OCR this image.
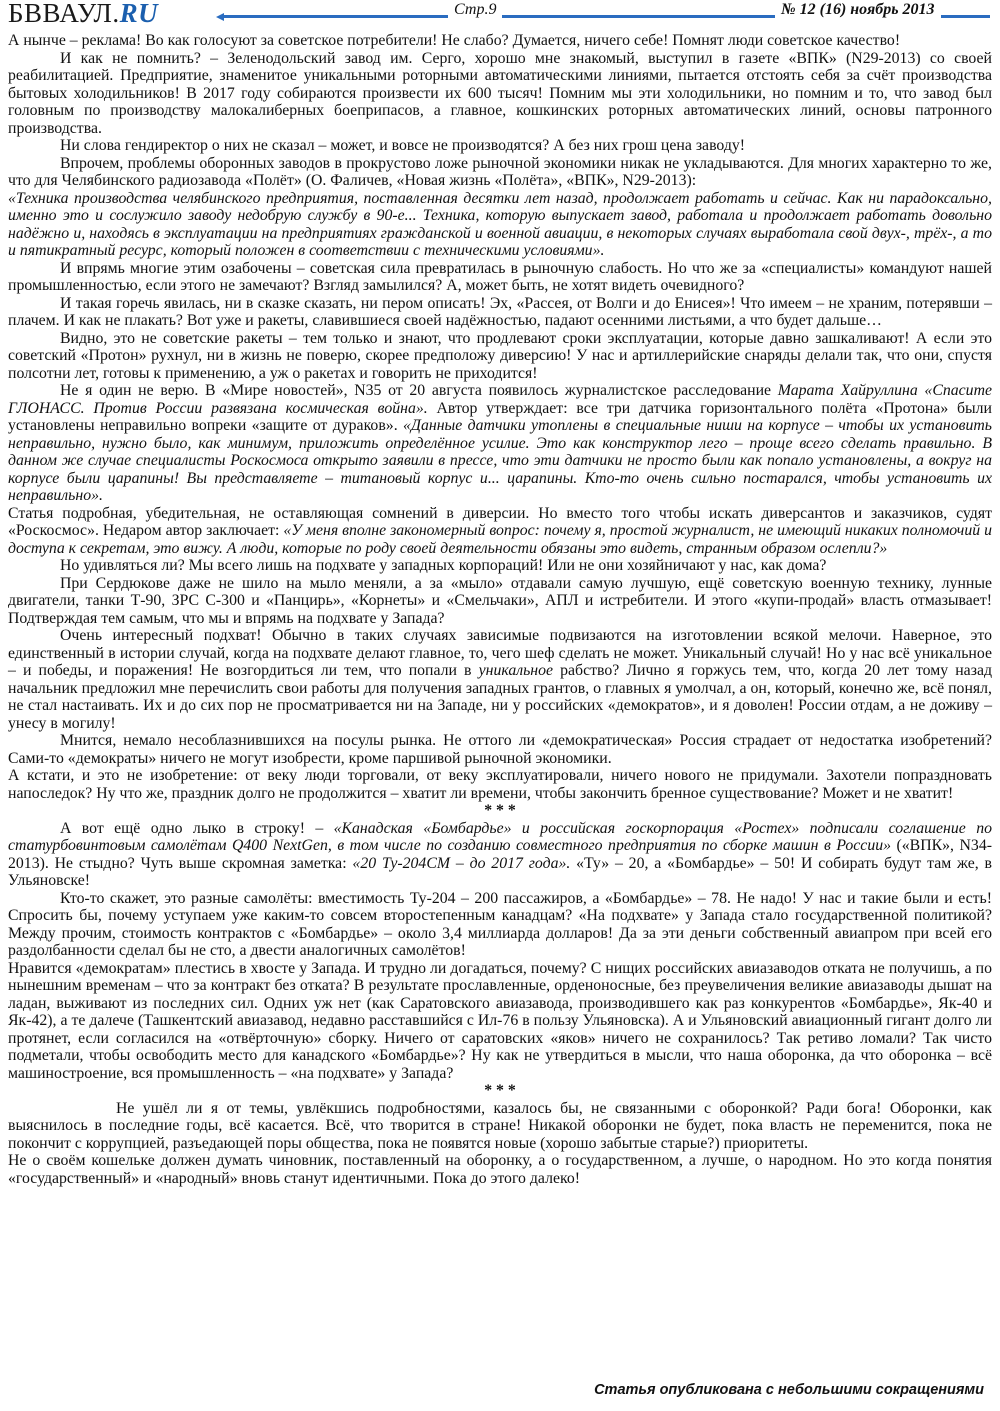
БВВАУЛ.RU	Стр.9	№ 12 (16) ноябрь 2013

А нынче – реклама! Во как голосуют за советское потребители! Не слабо? Думается, ничего себе! Помнят люди советское качество!

И как не помнить? – Зеленодольский завод им. Серго, хорошо мне знакомый, выступил в газете «ВПК» (N29-2013) со своей реабилитацией. Предприятие, знаменитое уникальными роторными автоматическими линиями, пытается отстоять себя за счёт производства бытовых холодильников! В 2017 году собираются произвести их 600 тысяч! Помним мы эти холодильники, но помним и то, что завод был головным по производству малокалиберных боеприпасов, а главное, кошкинских роторных автоматических линий, основы патронного производства.

Ни слова гендиректор о них не сказал – может, и вовсе не производятся? А без них грош цена заводу!

Впрочем, проблемы оборонных заводов в прокрустово ложе рыночной экономики никак не укладываются. Для многих характерно то же, что для Челябинского радиозавода «Полёт» (О. Фаличев, «Новая жизнь «Полёта», «ВПК», N29-2013):

«Техника производства челябинского предприятия, поставленная десятки лет назад, продолжает работать и сейчас. Как ни парадоксально, именно это и сослужило заводу недобрую службу в 90-е... Техника, которую выпускает завод, работала и продолжает работать довольно надёжно и, находясь в эксплуатации на предприятиях гражданской и военной авиации, в некоторых случаях выработала свой двух-, трёх-, а то и пятикратный ресурс, который положен в соответствии с техническими условиями».

И впрямь многие этим озабочены – советская сила превратилась в рыночную слабость. Но что же за «специалисты» командуют нашей промышленностью, если этого не замечают? Взгляд замылился? А, может быть, не хотят видеть очевидного?

И такая горечь явилась, ни в сказке сказать, ни пером описать! Эх, «Рассея, от Волги и до Енисея»! Что имеем – не храним, потерявши – плачем. И как не плакать? Вот уже и ракеты, славившиеся своей надёжностью, падают осенними листьями, а что будет дальше…

Видно, это не советские ракеты – тем только и знают, что продлевают сроки эксплуатации, которые давно зашкаливают! А если это советский «Протон» рухнул, ни в жизнь не поверю, скорее предположу диверсию! У нас и артиллерийские снаряды делали так, что они, спустя полсотни лет, готовы к применению, а уж о ракетах и говорить не приходится!

Не я один не верю. В «Мире новостей», N35 от 20 августа появилось журналистское расследование Марата Хайруллина «Спасите ГЛОНАСС. Против России развязана космическая война». Автор утверждает: все три датчика горизонтального полёта «Протона» были установлены неправильно вопреки «защите от дураков». «Данные датчики утоплены в специальные ниши на корпусе – чтобы их установить неправильно, нужно было, как минимум, приложить определённое усилие. Это как конструктор лего – проще всего сделать правильно. В данном же случае специалисты Роскосмоса открыто заявили в прессе, что эти датчики не просто были как попало установлены, а вокруг на корпусе были царапины! Вы представляете – титановый корпус и... царапины. Кто-то очень сильно постарался, чтобы установить их неправильно».

Статья подробная, убедительная, не оставляющая сомнений в диверсии. Но вместо того чтобы искать диверсантов и заказчиков, судят «Роскосмос». Недаром автор заключает: «У меня вполне закономерный вопрос: почему я, простой журналист, не имеющий никаких полномочий и доступа к секретам, это вижу. А люди, которые по роду своей деятельности обязаны это видеть, странным образом ослепли?»

Но удивляться ли? Мы всего лишь на подхвате у западных корпораций! Или не они хозяйничают у нас, как дома?

При Сердюкове даже не шило на мыло меняли, а за «мыло» отдавали самую лучшую, ещё советскую военную технику, лунные двигатели, танки Т-90, ЗРС С-300 и «Панцирь», «Корнеты» и «Смельчаки», АПЛ и истребители. И этого «купи-продай» власть отмазывает! Подтверждая тем самым, что мы и впрямь на подхвате у Запада?

Очень интересный подхват! Обычно в таких случаях зависимые подвизаются на изготовлении всякой мелочи. Наверное, это единственный в истории случай, когда на подхвате делают главное, то, чего шеф сделать не может. Уникальный случай! Но у нас всё уникальное – и победы, и поражения! Не возгордиться ли тем, что попали в уникальное рабство? Лично я горжусь тем, что, когда 20 лет тому назад начальник предложил мне перечислить свои работы для получения западных грантов, о главных я умолчал, а он, который, конечно же, всё понял, не стал настаивать. Их и до сих пор не просматривается ни на Западе, ни у российских «демократов», и я доволен! России отдам, а не доживу – унесу в могилу!

Мнится, немало несоблазнившихся на посулы рынка. Не оттого ли «демократическая» Россия страдает от недостатка изобретений? Сами-то «демократы» ничего не могут изобрести, кроме паршивой рыночной экономики.

А кстати, и это не изобретение: от веку люди торговали, от веку эксплуатировали, ничего нового не придумали. Захотели попраздновать напоследок? Ну что же, праздник долго не продолжится – хватит ли времени, чтобы закончить бренное существование? Может и не хватит!

* * *

А вот ещё одно лыко в строку! – «Канадская «Бомбардье» и российская госкорпорация «Ростех» подписали соглашение по статурбовинтовым самолётам Q400 NextGen, в том числе по созданию совместного предприятия по сборке машин в России» («ВПК», N34-2013). Не стыдно? Чуть выше скромная заметка: «20 Ту-204СМ – до 2017 года». «Ту» – 20, а «Бомбардье» – 50! И собирать будут там же, в Ульяновске!

Кто-то скажет, это разные самолёты: вместимость Ту-204 – 200 пассажиров, а «Бомбардье» – 78. Не надо! У нас и такие были и есть! Спросить бы, почему уступаем уже каким-то совсем второстепенным канадцам? «На подхвате» у Запада стало государственной политикой? Между прочим, стоимость контрактов с «Бомбардье» – около 3,4 миллиарда долларов! Да за эти деньги собственный авиапром при всей его раздолбанности сделал бы не сто, а двести аналогичных самолётов!

Нравится «демократам» плестись в хвосте у Запада. И трудно ли догадаться, почему? С нищих российских авиазаводов отката не получишь, а по нынешним временам – что за контракт без отката? В результате прославленные, орденоносные, без преувеличения великие авиазаводы дышат на ладан, выживают из последних сил. Одних уж нет (как Саратовского авиазавода, производившего как раз конкурентов «Бомбардье», Як-40 и Як-42), а те далече (Ташкентский авиазавод, недавно расставшийся с Ил-76 в пользу Ульяновска). А и Ульяновский авиационный гигант долго ли протянет, если согласился на «отвёрточную» сборку. Ничего от саратовских «яков» ничего не сохранилось? Так ретиво ломали? Так чисто подметали, чтобы освободить место для канадского «Бомбардье»? Ну как не утвердиться в мысли, что наша оборонка, да что оборонка – всё машиностроение, вся промышленность – «на подхвате» у Запада?

* * *

Не ушёл ли я от темы, увлёкшись подробностями, казалось бы, не связанными с оборонкой? Ради бога! Оборонки, как выяснилось в последние годы, всё касается. Всё, что творится в стране! Никакой оборонки не будет, пока власть не переменится, пока не покончит с коррупцией, разъедающей поры общества, пока не появятся новые (хорошо забытые старые?) приоритеты.

Не о своём кошельке должен думать чиновник, поставленный на оборонку, а о государственном, а лучше, о народном. Но это когда понятия «государственный» и «народный» вновь станут идентичными. Пока до этого далеко!

Статья опубликована с небольшими сокращениями
